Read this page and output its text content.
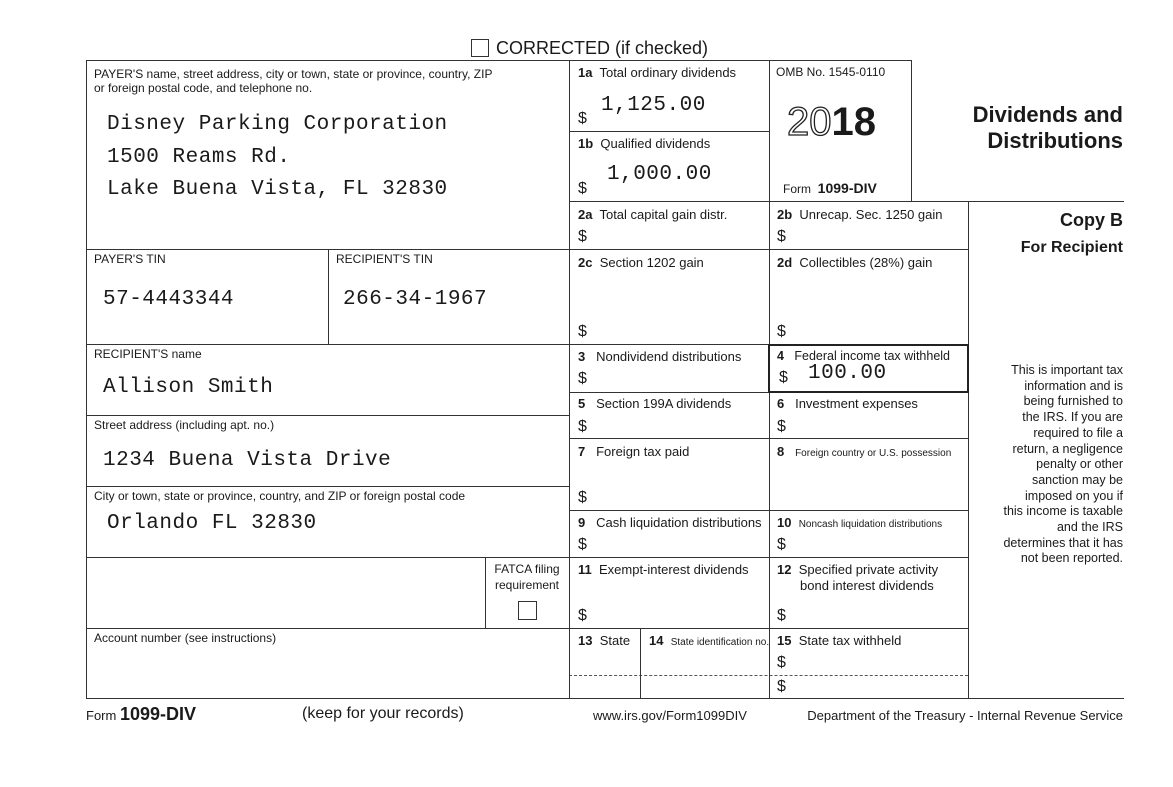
CORRECTED (if checked)
PAYER'S name, street address, city or town, state or province, country, ZIP
or foreign postal code, and telephone no.
Disney Parking Corporation
1500 Reams Rd.
Lake Buena Vista, FL 32830
PAYER'S TIN
57-4443344
RECIPIENT'S TIN
266-34-1967
RECIPIENT'S name
Allison Smith
Street address (including apt. no.)
1234 Buena Vista Drive
City or town, state or province, country, and ZIP or foreign postal code
Orlando FL 32830
FATCA filing
requirement
Account number (see instructions)
1a Total ordinary dividends
$
1,125.00
1b Qualified dividends
$
1,000.00
2a Total capital gain distr.
$
2c Section 1202 gain
$
3 Nondividend distributions
$
5 Section 199A dividends
$
7 Foreign tax paid
$
9 Cash liquidation distributions
$
11 Exempt-interest dividends
$
13 State 14 State identification no.
OMB No. 1545-0110
2018
Form 1099-DIV
2b Unrecap. Sec. 1250 gain
$
2d Collectibles (28%) gain
$
4 Federal income tax withheld
$ 100.00
6 Investment expenses
$
8 Foreign country or U.S. possession
10 Noncash liquidation distributions
$
12 Specified private activity
bond interest dividends
$
15 State tax withheld
$
$
Dividends and
Distributions
Copy B
For Recipient
This is important tax
information and is
being furnished to
the IRS. If you are
required to file a
return, a negligence
penalty or other
sanction may be
imposed on you if
this income is taxable
and the IRS
determines that it has
not been reported.
Form 1099-DIV	(keep for your records)	www.irs.gov/Form1099DIV	Department of the Treasury - Internal Revenue Service
